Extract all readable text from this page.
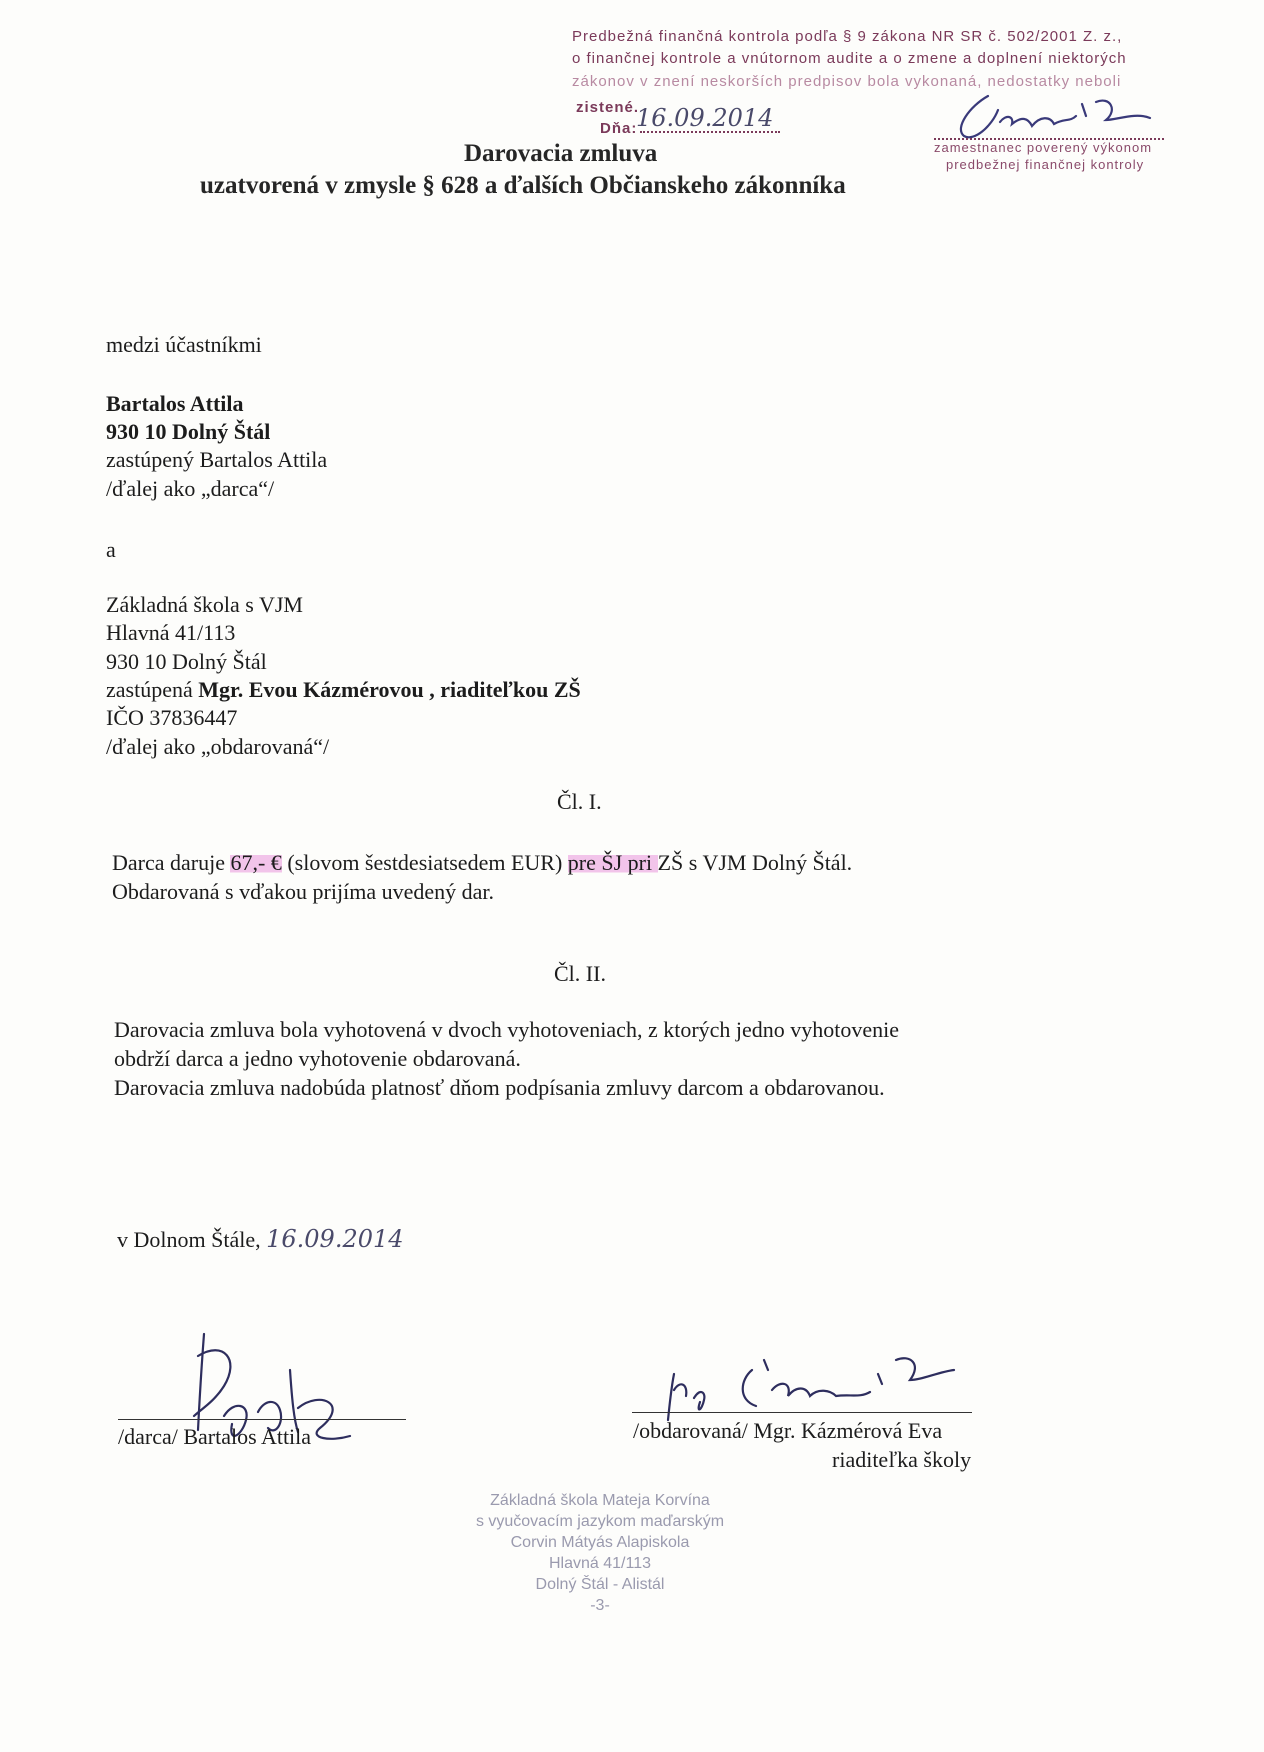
Predbežná finančná kontrola podľa § 9 zákona NR SR č. 502/2001 Z. z.,
o finančnej kontrole a vnútornom audite a o zmene a doplnení niektorých
zákonov v znení neskorších predpisov bola vykonaná, nedostatky neboli
zistené.
Dňa:
16.09.2014
zamestnanec poverený výkonom
predbežnej finančnej kontroly
Darovacia zmluva
uzatvorená v zmysle § 628 a ďalších Občianskeho zákonníka
medzi účastníkmi
Bartalos Attila
930 10 Dolný Štál
zastúpený Bartalos Attila
/ďalej ako „darca“/
a
Základná škola s VJM
Hlavná 41/113
930 10 Dolný Štál
zastúpená Mgr. Evou Kázmérovou , riaditeľkou ZŠ
IČO 37836447
/ďalej ako „obdarovaná“/
Čl. I.
Darca daruje 67,- € (slovom šestdesiatsedem EUR) pre ŠJ pri ZŠ s VJM Dolný Štál.
Obdarovaná s vďakou prijíma uvedený dar.
Čl. II.
Darovacia zmluva bola vyhotovená v dvoch vyhotoveniach, z ktorých jedno vyhotovenie
obdrží darca a jedno vyhotovenie obdarovaná.
Darovacia zmluva nadobúda platnosť dňom podpísania zmluvy darcom a obdarovanou.
v Dolnom Štále, 16.09.2014
/darca/ Bartalos Attila	/obdarovaná/ Mgr. Kázmérová Eva
riaditeľka školy
Základná škola Mateja Korvína
s vyučovacím jazykom maďarským
Corvin Mátyás Alapiskola
Hlavná 41/113
Dolný Štál - Alistál
-3-
